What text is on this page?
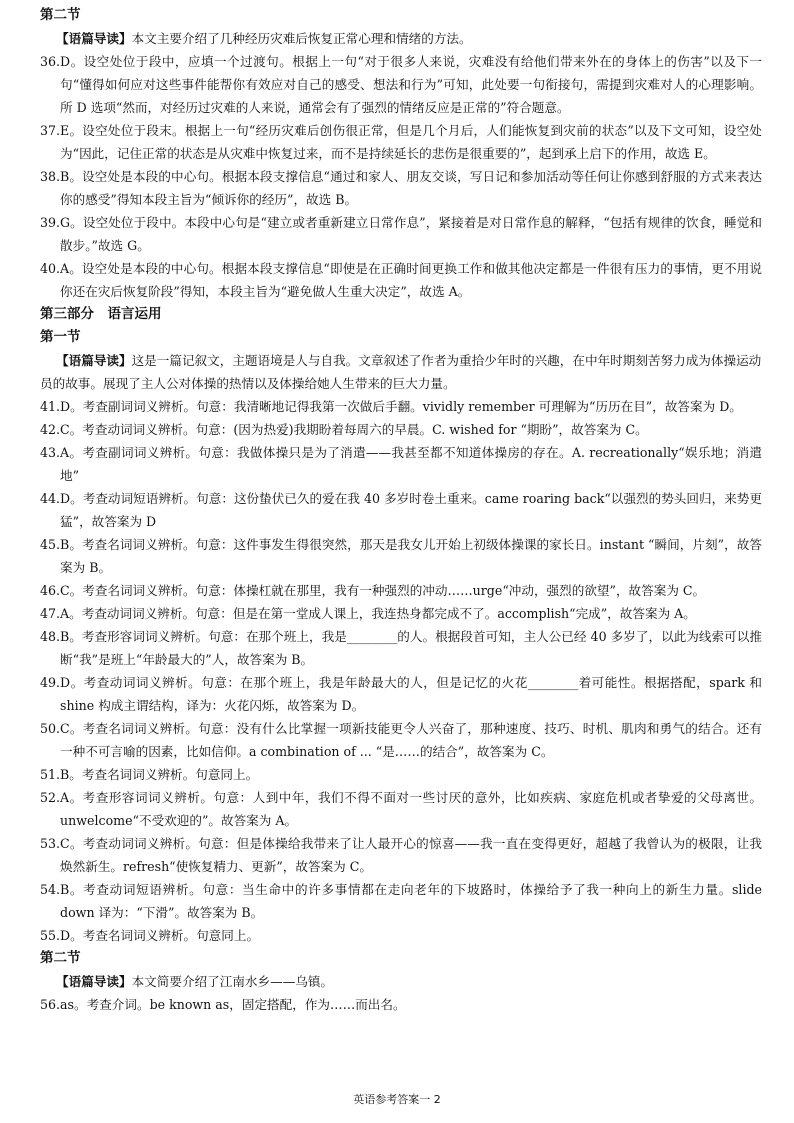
第二节
【语篇导读】本文主要介绍了几种经历灾难后恢复正常心理和情绪的方法。
36. D。设空处位于段中，应填一个过渡句。根据上一句“对于很多人来说，灾难没有给他们带来外在的身体上的伤害”以及下一句“懂得如何应对这些事件能帮你有效应对自己的感受、想法和行为”可知，此处要一句衔接句，需提到灾难对人的心理影响。所 D 选项“然而，对经历过灾难的人来说，通常会有了强烈的情绪反应是正常的”符合题意。
37. E。设空处位于段末。根据上一句“经历灾难后创伤很正常，但是几个月后，人们能恢复到灾前的状态”以及下文可知，设空处为“因此，记住正常的状态是从灾难中恢复过来，而不是持续延长的悲伤是很重要的”，起到承上启下的作用，故选 E。
38. B。设空处是本段的中心句。根据本段支撑信息“通过和家人、朋友交谈，写日记和参加活动等任何让你感到舒服的方式来表达你的感受”得知本段主旨为“倾诉你的经历”，故选 B。
39. G。设空处位于段中。本段中心句是“建立或者重新建立日常作息”，紧接着是对日常作息的解释，“包括有规律的饮食，睡觉和散步。”故选 G。
40. A。设空处是本段的中心句。根据本段支撑信息“即使是在正确时间更换工作和做其他决定都是一件很有压力的事情，更不用说你还在灾后恢复阶段”得知，本段主旨为“避免做人生重大决定”，故选 A。
第三部分　语言运用
第一节
【语篇导读】这是一篇记叙文，主题语境是人与自我。文章叙述了作者为重拾少年时的兴趣，在中年时期刻苦努力成为体操运动员的故事。展现了主人公对体操的热情以及体操给她人生带来的巨大力量。
41. D。考查副词词义辨析。句意：我清晰地记得我第一次做后手翻。vividly remember 可理解为“历历在目”，故答案为 D。
42. C。考查动词词义辨析。句意：(因为热爱)我期盼着每周六的早晨。C. wished for “期盼”，故答案为 C。
43. A。考查副词词义辨析。句意：我做体操只是为了消遣——我甚至都不知道体操房的存在。A. recreationally“娱乐地；消遣地”
44. D。考查动词短语辨析。句意：这份蛰伏已久的爱在我 40 多岁时卷土重来。came roaring back“以强烈的势头回归，来势更猛”，故答案为 D
45. B。考查名词词义辨析。句意：这件事发生得很突然，那天是我女儿开始上初级体操课的家长日。instant “瞬间，片刻”，故答案为 B。
46. C。考查名词词义辨析。句意：体操杠就在那里，我有一种强烈的冲动……urge“冲动，强烈的欲望”，故答案为 C。
47. A。考查动词词义辨析。句意：但是在第一堂成人课上，我连热身都完成不了。accomplish“完成”，故答案为 A。
48. B。考查形容词词义辨析。句意：在那个班上，我是________的人。根据段首可知，主人公已经 40 多岁了，以此为线索可以推断“我”是班上“年龄最大的”人，故答案为 B。
49. D。考查动词词义辨析。句意：在那个班上，我是年龄最大的人，但是记忆的火花________着可能性。根据搭配，spark 和 shine 构成主谓结构，译为：火花闪烁，故答案为 D。
50. C。考查名词词义辨析。句意：没有什么比掌握一项新技能更令人兴奋了，那种速度、技巧、时机、肌肉和勇气的结合。还有一种不可言喻的因素，比如信仰。a combination of ... “是……的结合”，故答案为 C。
51. B。考查名词词义辨析。句意同上。
52. A。考查形容词词义辨析。句意：人到中年，我们不得不面对一些讨厌的意外，比如疾病、家庭危机或者挚爱的父母离世。unwelcome“不受欢迎的”。故答案为 A。
53. C。考查动词词义辨析。句意：但是体操给我带来了让人最开心的惊喜——我一直在变得更好，超越了我曾认为的极限，让我焕然新生。refresh“使恢复精力、更新”，故答案为 C。
54. B。考查动词短语辨析。句意：当生命中的许多事情都在走向老年的下坡路时，体操给予了我一种向上的新生力量。slide down 译为：“下滑”。故答案为 B。
55. D。考查名词词义辨析。句意同上。
第二节
【语篇导读】本文简要介绍了江南水乡——乌镇。
56. as。考查介词。be known as，固定搭配，作为……而出名。
英语参考答案一 2
